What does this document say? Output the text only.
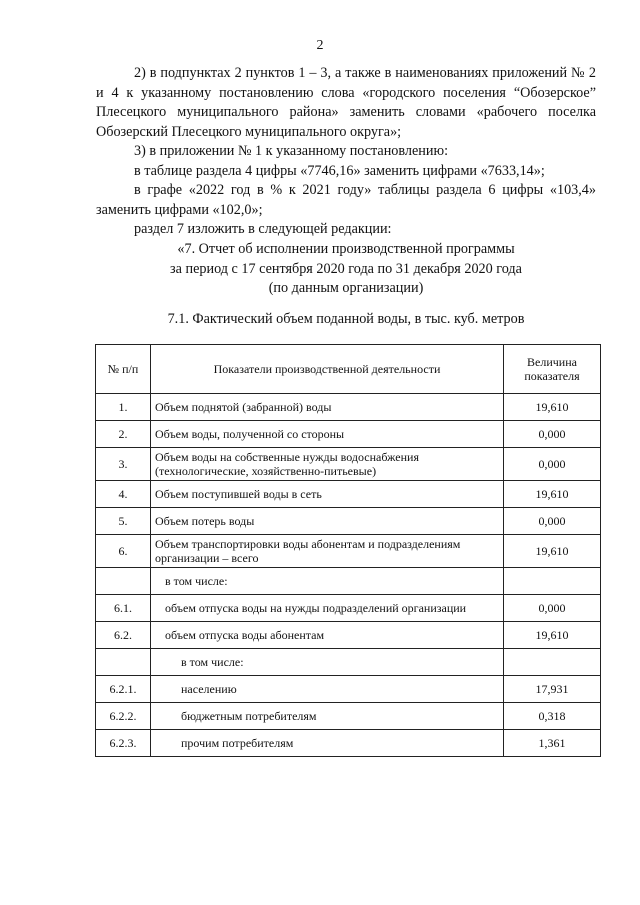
2

2) в подпунктах 2 пунктов 1 – 3, а также в наименованиях приложений № 2 и 4 к указанному постановлению слова «городского поселения “Обозерское” Плесецкого муниципального района» заменить словами «рабочего поселка Обозерский Плесецкого муниципального округа»;

3) в приложении № 1 к указанному постановлению:

в таблице раздела 4 цифры «7746,16» заменить цифрами «7633,14»;

в графе «2022 год в % к 2021 году» таблицы раздела 6 цифры «103,4» заменить цифрами «102,0»;

раздел 7 изложить в следующей редакции:

«7. Отчет об исполнении производственной программы
за период с 17 сентября 2020 года по 31 декабря 2020 года
(по данным организации)
7.1. Фактический объем поданной воды, в тыс. куб. метров
№ п/п	Показатели производственной деятельности	Величина показателя
1.	Объем поднятой (забранной) воды	19,610
2.	Объем воды, полученной со стороны	0,000
3.	Объем воды на собственные нужды водоснабжения (технологические, хозяйственно-питьевые)	0,000
4.	Объем поступившей воды в сеть	19,610
5.	Объем потерь воды	0,000
6.	Объем транспортировки воды абонентам и подразделениям организации – всего	19,610
	в том числе:	
6.1.	объем отпуска воды на нужды подразделений организации	0,000
6.2.	объем отпуска воды абонентам	19,610
	в том числе:	
6.2.1.	населению	17,931
6.2.2.	бюджетным потребителям	0,318
6.2.3.	прочим потребителям	1,361
